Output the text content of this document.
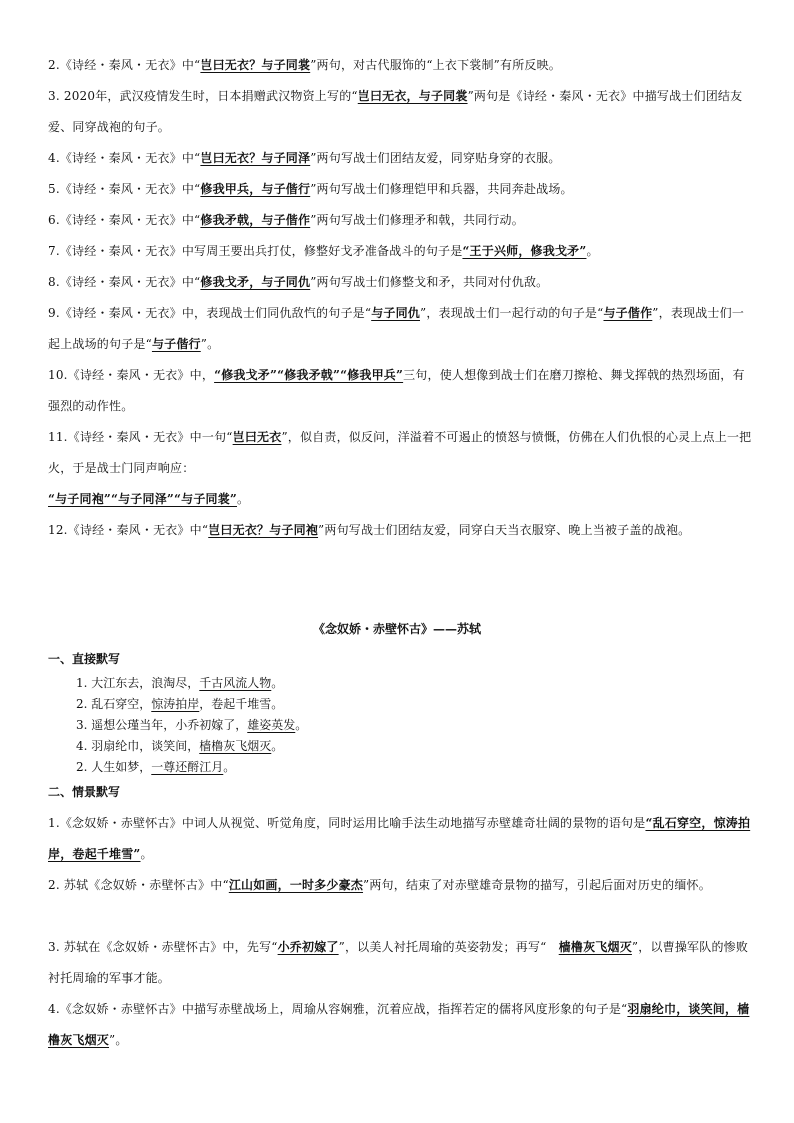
2.《诗经・秦风・无衣》中“岂曰无衣？与子同裳”两句，对古代服饰的“上衣下裳制”有所反映。
3. 2020年，武汉疫情发生时，日本捐赠武汉物资上写的“岂曰无衣，与子同裳”两句是《诗经・秦风・无衣》中描写战士们团结友爱、同穿战袍的句子。
4.《诗经・秦风・无衣》中“岂曰无衣？与子同泽”两句写战士们团结友爱，同穿贴身穿的衣服。
5.《诗经・秦风・无衣》中“修我甲兵，与子偕行”两句写战士们修理铠甲和兵器，共同奔赴战场。
6.《诗经・秦风・无衣》中“修我矛戟，与子偕作”两句写战士们修理矛和戟，共同行动。
7.《诗经・秦风・无衣》中写周王要出兵打仗，修整好戈矛准备战斗的句子是“王于兴师，修我戈矛”。
8.《诗经・秦风・无衣》中“修我戈矛，与子同仇”两句写战士们修整戈和矛，共同对付仇敌。
9.《诗经・秦风・无衣》中，表现战士们同仇敌忾的句子是“与子同仇”，表现战士们一起行动的句子是“与子偕作”，表现战士们一起上战场的句子是“与子偕行”。
10.《诗经・秦风・无衣》中，“修我戈矛”“修我矛戟”“修我甲兵”三句，使人想像到战士们在磨刀擦枪、舞戈挥戟的热烈场面，有强烈的动作性。
11.《诗经・秦风・无衣》中一句“岂曰无衣”，似自责，似反问，洋溢着不可遏止的愤怒与愤慨，仿佛在人们仇恨的心灵上点上一把火，于是战士门同声响应：
“与子同袍”“与子同泽”“与子同裳”。
12.《诗经・秦风・无衣》中“岂曰无衣？与子同袍”两句写战士们团结友爱，同穿白天当衣服穿、晚上当被子盖的战袍。
《念奴娇・赤壁怀古》——苏轼
一、直接默写
1. 大江东去，浪淘尽，千古风流人物。
2. 乱石穿空，惊涛拍岸，卷起千堆雪。
3. 遥想公瑾当年，小乔初嫁了，雄姿英发。
4. 羽扇纶巾，谈笑间，樯橹灰飞烟灭。
2. 人生如梦，一尊还酹江月。
二、情景默写
1.《念奴娇・赤壁怀古》中词人从视觉、听觉角度，同时运用比喻手法生动地描写赤壁雄奇壮阔的景物的语句是“乱石穿空，惊涛拍岸，卷起千堆雪”。
2. 苏轼《念奴娇・赤壁怀古》中“江山如画，一时多少豪杰”两句，结束了对赤壁雄奇景物的描写，引起后面对历史的缅怀。
3. 苏轼在《念奴娇・赤壁怀古》中，先写“小乔初嫁了”，以美人衬托周瑜的英姿勃发；再写“　樯橹灰飞烟灭”，以曹操军队的惨败衬托周瑜的军事才能。
4.《念奴娇・赤壁怀古》中描写赤壁战场上，周瑜从容娴雅，沉着应战，指挥若定的儒将风度形象的句子是“羽扇纶巾，谈笑间，樯橹灰飞烟灭”。
